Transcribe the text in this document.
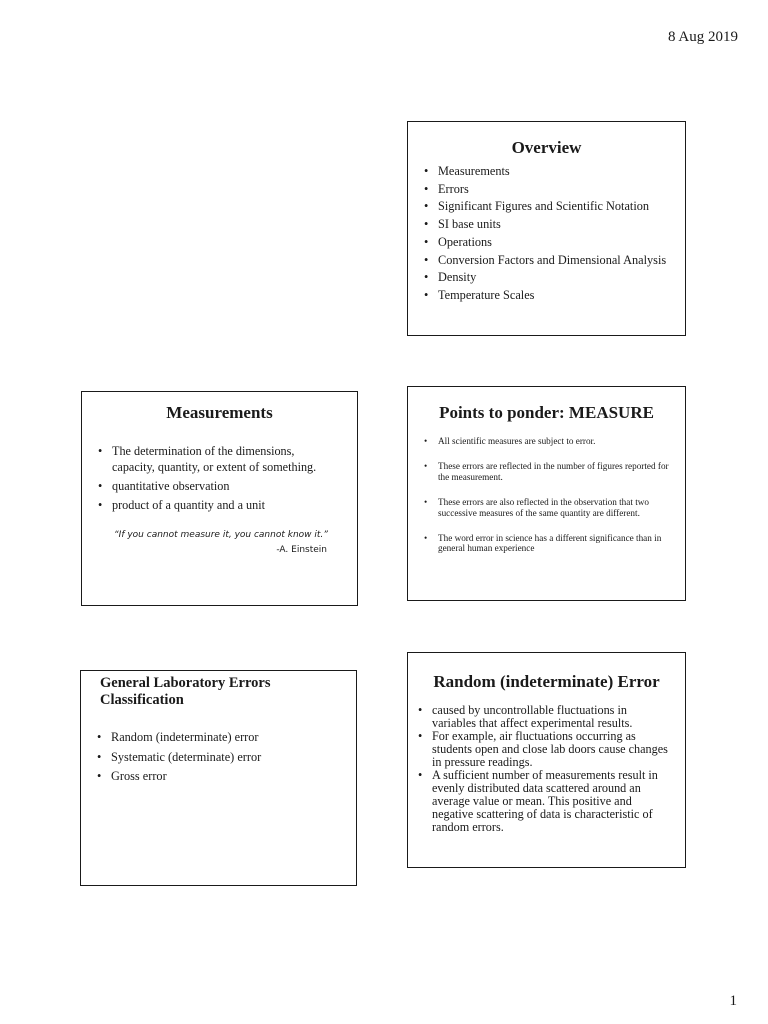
8 Aug 2019
Overview
• Measurements
• Errors
• Significant Figures and Scientific Notation
• SI base units
• Operations
• Conversion Factors and Dimensional Analysis
• Density
• Temperature Scales
Measurements
• The determination of the dimensions, capacity, quantity, or extent of something.
• quantitative observation
• product of a quantity and a unit
“If you cannot measure it, you cannot know it.”
-A. Einstein
Points to ponder: MEASURE
• All scientific measures are subject to error.
• These errors are reflected in the number of figures reported for the measurement.
• These errors are also reflected in the observation that two successive measures of the same quantity are different.
• The word error in science has a different significance than in general human experience
General Laboratory Errors Classification
• Random (indeterminate) error
• Systematic (determinate) error
• Gross error
Random (indeterminate) Error
• caused by uncontrollable fluctuations in variables that affect experimental results.
• For example, air fluctuations occurring as students open and close lab doors cause changes in pressure readings.
• A sufficient number of measurements result in evenly distributed data scattered around an average value or mean. This positive and negative scattering of data is characteristic of random errors.
1
